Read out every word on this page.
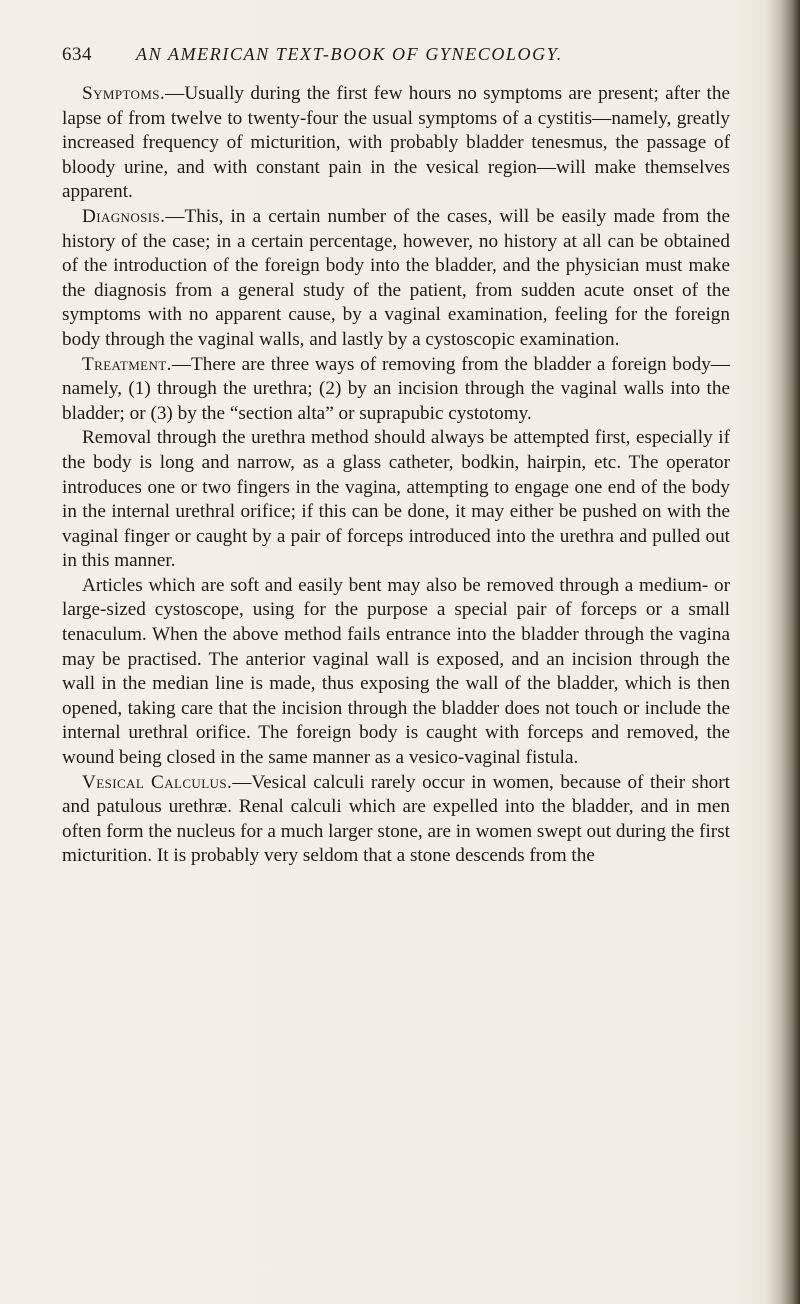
634 AN AMERICAN TEXT-BOOK OF GYNECOLOGY.

Symptoms.—Usually during the first few hours no symptoms are present; after the lapse of from twelve to twenty-four the usual symptoms of a cystitis—namely, greatly increased frequency of micturition, with probably bladder tenesmus, the passage of bloody urine, and with constant pain in the vesical region—will make themselves apparent.

Diagnosis.—This, in a certain number of the cases, will be easily made from the history of the case; in a certain percentage, however, no history at all can be obtained of the introduction of the foreign body into the bladder, and the physician must make the diagnosis from a general study of the patient, from sudden acute onset of the symptoms with no apparent cause, by a vaginal examination, feeling for the foreign body through the vaginal walls, and lastly by a cystoscopic examination.

Treatment.—There are three ways of removing from the bladder a foreign body—namely, (1) through the urethra; (2) by an incision through the vaginal walls into the bladder; or (3) by the “section alta” or suprapubic cystotomy.

Removal through the urethra method should always be attempted first, especially if the body is long and narrow, as a glass catheter, bodkin, hairpin, etc. The operator introduces one or two fingers in the vagina, attempting to engage one end of the body in the internal urethral orifice; if this can be done, it may either be pushed on with the vaginal finger or caught by a pair of forceps introduced into the urethra and pulled out in this manner.

Articles which are soft and easily bent may also be removed through a medium- or large-sized cystoscope, using for the purpose a special pair of forceps or a small tenaculum. When the above method fails entrance into the bladder through the vagina may be practised. The anterior vaginal wall is exposed, and an incision through the wall in the median line is made, thus exposing the wall of the bladder, which is then opened, taking care that the incision through the bladder does not touch or include the internal urethral orifice. The foreign body is caught with forceps and removed, the wound being closed in the same manner as a vesico-vaginal fistula.

Vesical Calculus.—Vesical calculi rarely occur in women, because of their short and patulous urethræ. Renal calculi which are expelled into the bladder, and in men often form the nucleus for a much larger stone, are in women swept out during the first micturition. It is probably very seldom that a stone descends from the
